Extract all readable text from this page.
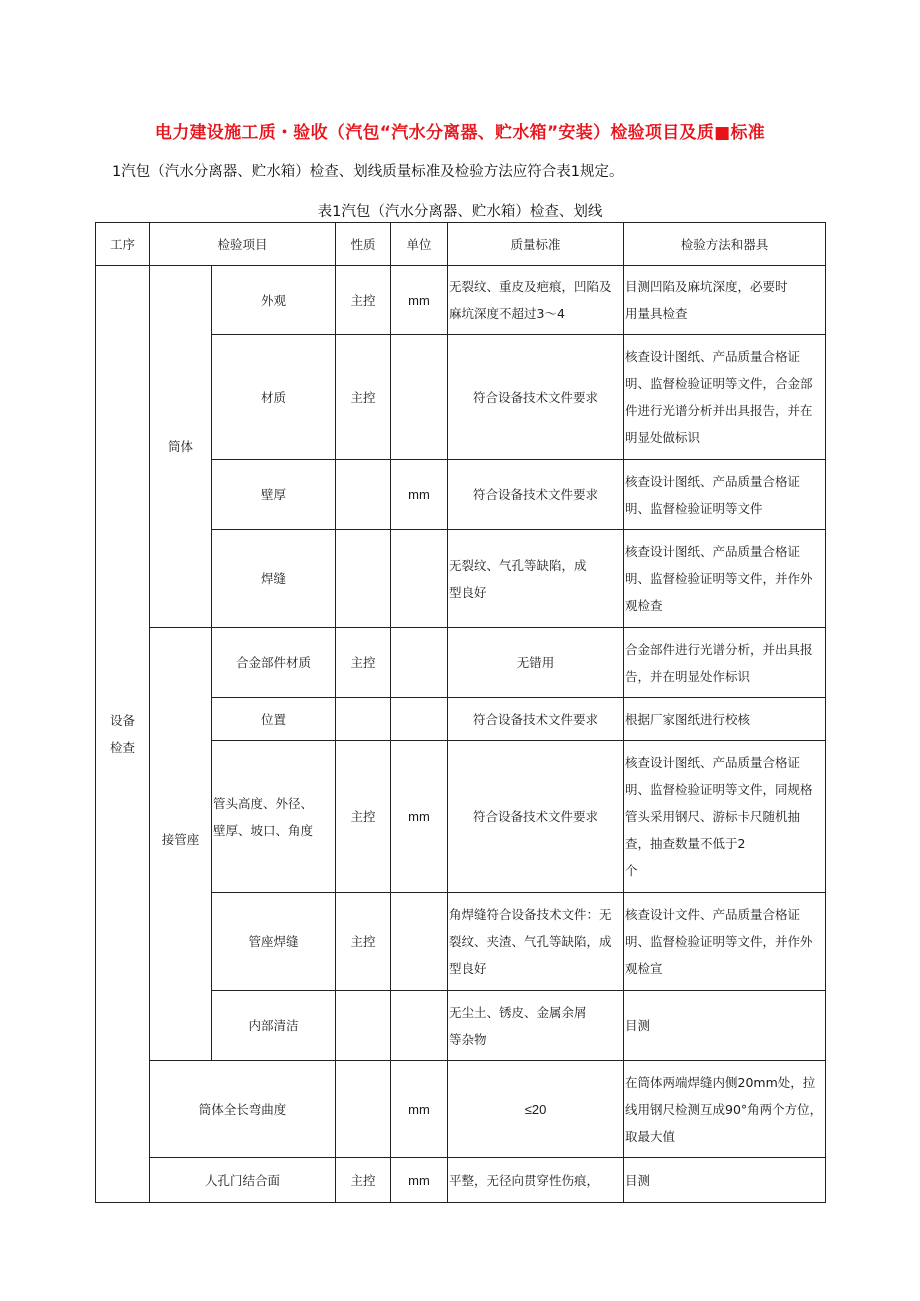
电力建设施工质・验收（汽包“汽水分离器、贮水箱”安装）检验项目及质■标准
1汽包（汽水分离器、贮水箱）检查、划线质量标准及检验方法应符合表1规定。
表1汽包（汽水分离器、贮水箱）检查、划线
工序	检验项目		性质	单位	质量标准	检验方法和器具
设备
检查	筒体	外观	主控	mm	无裂纹、重皮及疤痕，凹陷及麻坑深度不超过3～4	目测凹陷及麻坑深度，必要时
用量具检查
		材质	主控		符合设备技术文件要求	核查设计图纸、产品质量合格证明、监督检验证明等文件，合金部件进行光谱分析并出具报告，并在明显处做标识
		壁厚		mm	符合设备技术文件要求	核查设计图纸、产品质量合格证明、监督检验证明等文件
		焊缝			无裂纹、气孔等缺陷，成
型良好	核查设计图纸、产品质量合格证明、监督检验证明等文件，并作外观检查
	接管座	合金部件材质	主控		无错用	合金部件进行光谱分析，并出具报告，并在明显处作标识
		位置			符合设备技术文件要求	根据厂家图纸进行校核
		管头高度、外径、
壁厚、坡口、角度	主控	mm	符合设备技术文件要求	核查设计图纸、产品质量合格证明、监督检验证明等文件，同规格管头采用钢尺、游标卡尺随机抽查，抽查数量不低于2
个
		管座焊缝	主控		角焊缝符合设备技术文件：无裂纹、夹渣、气孔等缺陷，成型良好	核查设计文件、产品质量合格证明、监督检验证明等文件，并作外观检宣
		内部清洁			无尘土、锈皮、金属余屑
等杂物	目测
	筒体全长弯曲度			mm	≤20	在筒体两端焊缝内侧20mm处，拉线用钢尺检测互成90°角两个方位，取最大值
	人孔门结合面		主控	mm	平整，无径向贯穿性伤痕，	目测
